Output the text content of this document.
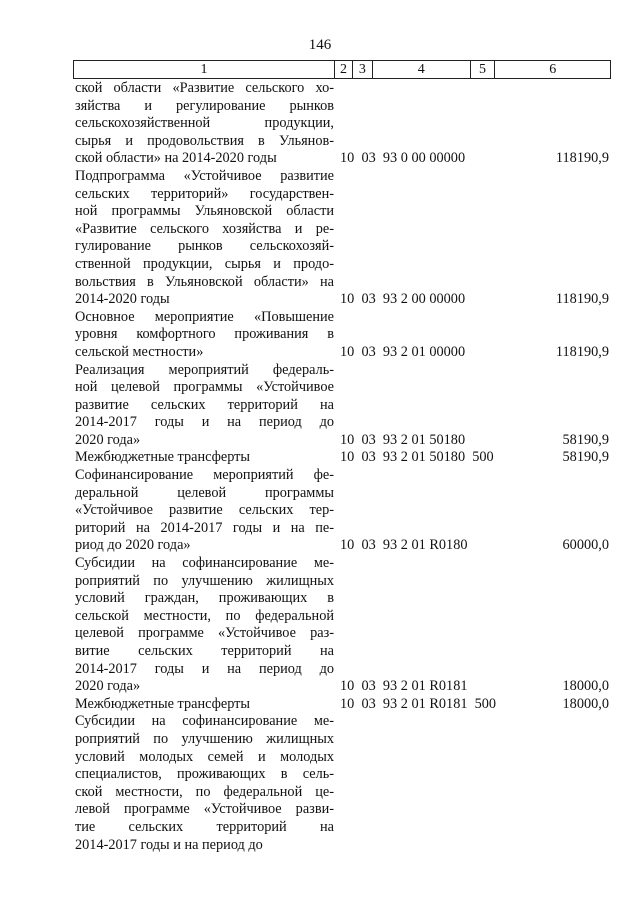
146
1	2 3	4	5	6
ской области «Развитие сельского хо-
зяйства и регулирование рынков
сельскохозяйственной продукции,
сырья и продовольствия в Ульянов-
ской области» на 2014-2020 годы	10  03  93 0 00 00000	118190,9
Подпрограмма «Устойчивое развитие
сельских территорий» государствен-
ной программы Ульяновской области
«Развитие сельского хозяйства и ре-
гулирование рынков сельскохозяй-
ственной продукции, сырья и продо-
вольствия в Ульяновской области» на
2014-2020 годы	10  03  93 2 00 00000	118190,9
Основное мероприятие «Повышение
уровня комфортного проживания в
сельской местности»	10  03  93 2 01 00000	118190,9
Реализация мероприятий федераль-
ной целевой программы «Устойчивое
развитие сельских территорий на
2014-2017 годы и на период до
2020 года»	10  03  93 2 01 50180	58190,9
Межбюджетные трансферты	10  03  93 2 01 50180  500	58190,9
Софинансирование мероприятий фе-
деральной целевой программы
«Устойчивое развитие сельских тер-
риторий на 2014-2017 годы и на пе-
риод до 2020 года»	10  03  93 2 01 R0180	60000,0
Субсидии на софинансирование ме-
роприятий по улучшению жилищных
условий граждан, проживающих в
сельской местности, по федеральной
целевой программе «Устойчивое раз-
витие сельских территорий на
2014-2017 годы и на период до
2020 года»	10  03  93 2 01 R0181	18000,0
Межбюджетные трансферты	10  03  93 2 01 R0181  500	18000,0
Субсидии на софинансирование ме-
роприятий по улучшению жилищных
условий молодых семей и молодых
специалистов, проживающих в сель-
ской местности, по федеральной це-
левой программе «Устойчивое разви-
тие сельских территорий на
2014-2017 годы и на период до
